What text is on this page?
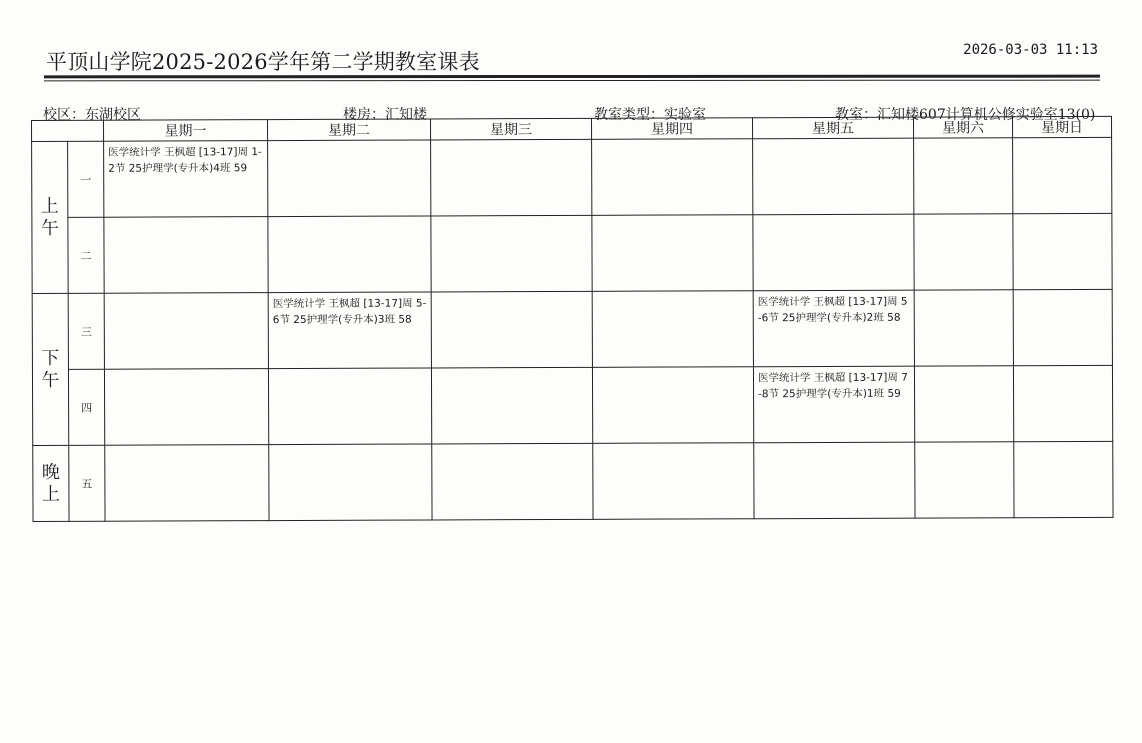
平顶山学院2025-2026学年第二学期教室课表	2026-03-03 11:13
校区：东湖校区	楼房：汇知楼	教室类型：实验室	教室：汇知楼607计算机公修实验室13(0)
		星期一	星期二	星期三	星期四	星期五	星期六	星期日
上
午	一	医学统计学 王枫超 [13-17]周 1-2节 25护理学(专升本)4班 59						

	二							
下
午	三		医学统计学 王枫超 [13-17]周 5-6节 25护理学(专升本)3班 58			医学统计学 王枫超 [13-17]周 5-6节 25护理学(专升本)2班 58		

	四					医学统计学 王枫超 [13-17]周 7-8节 25护理学(专升本)1班 59		

晚
上	五							
